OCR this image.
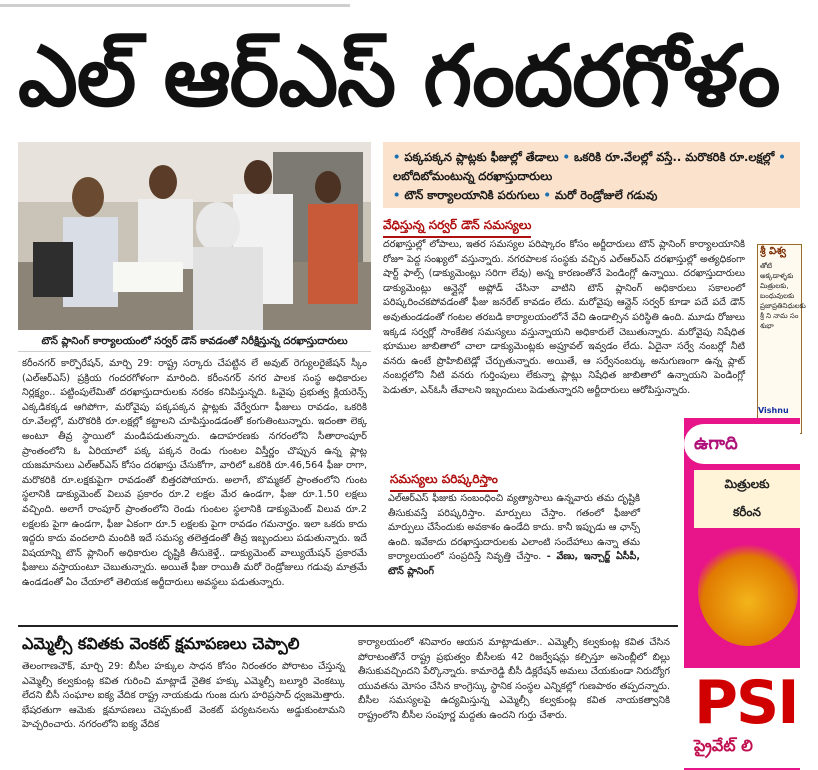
ఎల్ ఆర్ఎస్ గందరగోళం
టౌన్ ప్లానింగ్ కార్యాలయంలో సర్వర్ డౌన్ కావడంతో నిరీక్షిస్తున్న దరఖాస్తుదారులు
• పక్కపక్కన ప్లాట్లకు ఫీజుల్లో తేడాలు • ఒకరికి రూ.వేలల్లో వస్తే.. మరొకరికి రూ.లక్షల్లో • లబోదిబోమంటున్న దరఖాస్తుదారులు
• టౌన్ కార్యాలయానికి పరుగులు • మరో రెండ్రోజులే గడువు
వేధిస్తున్న సర్వర్ డౌన్ సమస్యలు
దరఖాస్తుల్లో లోపాలు, ఇతర సమస్యల పరిష్కారం కోసం అర్జీదారులు టౌన్ ప్లానింగ్ కార్యాలయానికి రోజూ పెద్ద సంఖ్యలో వస్తున్నారు. నగరపాలక సంస్థకు వచ్చిన ఎల్ఆర్ఎస్ దరఖాస్తుల్లో అత్యధికంగా షార్ట్ ఫాల్స్ (డాక్యుమెంట్లు సరిగా లేవు) అన్న కారణంతోనే పెండింగ్లో ఉన్నాయి. దరఖాస్తుదారులు డాక్యుమెంట్లు ఆన్లైన్లో అప్లోడ్ చేసినా వాటిని టౌన్ ప్లానింగ్ అధికారులు సకాలంలో పరిష్కరించకపోవడంతో ఫీజు జనరేట్ కావడం లేదు. మరోవైపు ఆన్లైన్ సర్వర్ కూడా పదే పదే డౌన్ అవుతుండడంతో గంటల తరబడి కార్యాలయంలోనే వేచి ఉండాల్సిన పరిస్థితి ఉంది. మూడు రోజులు ఇక్కడ సర్వర్లో సాంకేతిక సమస్యలు వస్తున్నాయని అధికారులే చెబుతున్నారు. మరోవైపు నిషేధిత భూముల జాబితాలో చాలా డాక్యుమెంట్లకు అప్రూవల్ ఇవ్వడం లేదు. ఏదైనా సర్వే నంబర్లో నీటి వనరు ఉంటే ప్రొహిబిటెడ్లో చేర్చుతున్నారు. అయితే, ఆ సర్వేనంబర్కు అనుగుణంగా ఉన్న ప్లాట్ నంబర్లలోని నీటి వనరు గుర్తింపులు లేకున్నా ప్లాట్లు నిషేధిత జాబితాలో ఉన్నాయని పెండింగ్లో పెడుతూ, ఎన్ఓసీ తేవాలని ఇబ్బందులు పెడుతున్నారని అర్జీదారులు ఆరోపిస్తున్నారు.
సమస్యలు పరిష్కరిస్తాం
ఎల్ఆర్ఎస్ ఫీజుకు సంబంధించి వ్యత్యాసాలు ఉన్నవారు తమ దృష్టికి తీసుకువస్తే పరిష్కరిస్తాం. మార్పులు చేస్తాం. గతంలో ఫీజులో మార్పులు చేసేందుకు అవకాశం ఉండేది కాదు. కానీ ఇప్పుడు ఆ ఛాన్స్ ఉంది. ఇవేకాదు దరఖాస్తుదారులకు ఎలాంటి సందేహాలు ఉన్నా తమ కార్యాలయంలో సంప్రదిస్తే నివృత్తి చేస్తాం. - వేణు, ఇన్చార్జ్ ఏసీపీ, టౌన్ ప్లానింగ్
కరీంనగర్ కార్పొరేషన్, మార్చి 29: రాష్ట్ర సర్కారు చేపట్టిన లే అవుట్ రెగ్యులరైజేషన్ స్కీం (ఎల్ఆర్ఎస్) ప్రక్రియ గందరగోళంగా మారింది. కరీంనగర్ నగర పాలక సంస్థ అధికారుల నిర్లక్ష్యం.. పట్టింపులేమితో దరఖాస్తుదారులకు నరకం కనిపిస్తున్నది. ఓవైపు ప్రభుత్వ క్లియరెన్స్ ఎక్కడికక్కడ ఆగిపోగా, మరోవైపు పక్కపక్కన ప్లాట్లకు వేర్వేరుగా ఫీజులు రావడం, ఒకరికి రూ.వేలల్లో, మరొకరికి రూ.లక్షల్లో కట్టాలని చూపిస్తుండడంతో కంగుతింటున్నారు. ఇదంతా లెక్క అంటూ తీవ్ర స్థాయిలో మండిపడుతున్నారు. ఉదాహరణకు నగరంలోని సీతారాంపూర్ ప్రాంతంలోని ఓ ఏరియాలో పక్క పక్కన రెండు గుంటల విస్తీర్ణం చొప్పున ఉన్న ప్లాట్ల యజమానులు ఎల్ఆర్ఎస్ కోసం దరఖాస్తు చేసుకోగా, వారిలో ఒకరికి రూ.46,564 ఫీజు రాగా, మరొకరికి రూ.లక్షకుపైగా రావడంతో బిత్తరపోయారు. అలాగే, బొమ్మకల్ ప్రాంతంలోని గుంట స్థలానికి డాక్యుమెంట్ విలువ ప్రకారం రూ.2 లక్షల మేర ఉండగా, ఫీజు రూ.1.50 లక్షలు వచ్చింది. అలాగే రాంపూర్ ప్రాంతంలోని రెండు గుంటల స్థలానికి డాక్యుమెంట్ విలువ రూ.2 లక్షలకు పైగా ఉండగా, ఫీజు ఏకంగా రూ.5 లక్షలకు పైగా రావడం గమనార్హం. ఇలా ఒకరు కాదు ఇద్దరు కాదు వందలాది మందికి ఇదే సమస్య తలెత్తడంతో తీవ్ర ఇబ్బందులు పడుతున్నారు. ఇదే విషయాన్ని టౌన్ ప్లానింగ్ అధికారుల దృష్టికి తీసుకెళ్తే.. డాక్యుమెంట్ వాల్యుయేషన్ ప్రకారమే ఫీజులు వస్తాయంటూ చెబుతున్నారు. అయితే ఫీజు రాయితీ మరో రెండ్రోజులు గడువు మాత్రమే ఉండడంతో ఏం చేయాలో తెలియక అర్జీదారులు అవస్థలు పడుతున్నారు.
శ్రీ విశ్వ
తోటి అక్కడాళ్ళకు మిత్రులకు, బంధువులకు ప్రజాప్రతినిధులకు శ్రీ ని నామ సం శుభా
Vishnu
ఉగాది
మిత్రులకు
కరీంన
PSI
ప్రైవేట్ లి
ఎమ్మెల్సీ కవితకు వెంకట్ క్షమాపణలు చెప్పాలి
తెలంగాణచౌక్, మార్చి 29: బీసీల హక్కుల సాధన కోసం నిరంతరం పోరాటం చేస్తున్న ఎమ్మెల్సీ కల్వకుంట్ల కవిత గురించి మాట్లాడే నైతిక హక్కు ఎమ్మెల్సీ బల్మూరి వెంకట్కు లేదని బీసీ సంఘాల ఐక్య వేదిక రాష్ట్ర నాయకుడు గుంజ దుగు హరిప్రసాద్ ధ్వజమెత్తారు. భేషరతుగా ఆమెకు క్షమాపణలు చెప్పకుంటే వెంకట్ పర్యటనలను అడ్డుకుంటామని హెచ్చరించారు. నగరంలోని ఐక్య వేదిక
కార్యాలయంలో శనివారం ఆయన మాట్లాడుతూ.. ఎమ్మెల్సీ కల్వకుంట్ల కవిత చేసిన పోరాటంతోనే రాష్ట్ర ప్రభుత్వం బీసీలకు 42 రిజర్వేషన్లు కల్పిస్తూ అసెంబ్లీలో బిల్లు తీసుకువచ్చిందని పేర్కొన్నారు. కామారెడ్డి బీసీ డిక్లరేషన్ అమలు చేయకుండా నిరుద్యోగ యువతను మోసం చేసిన కాంగ్రెస్కు స్థానిక సంస్థల ఎన్నికల్లో గుణపాఠం తప్పదన్నారు. బీసీల సమస్యలపై ఉద్యమిస్తున్న ఎమ్మెల్సీ కల్వకుంట్ల కవిత నాయకత్వానికి రాష్ట్రంలోని బీసీల సంపూర్ణ మద్దతు ఉందని గుర్తు చేశారు.
